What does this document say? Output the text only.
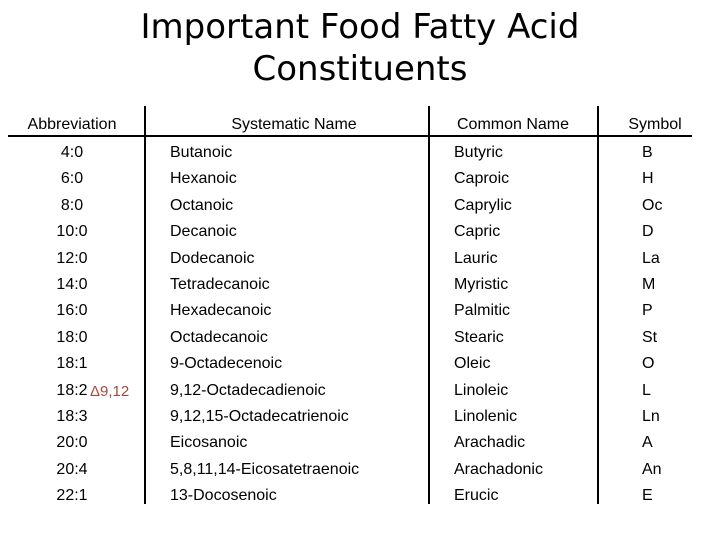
Important Food Fatty Acid
Constituents
Abbreviation	Systematic Name	Common Name	Symbol
4:0	Butanoic	Butyric	B
6:0	Hexanoic	Caproic	H
8:0	Octanoic	Caprylic	Oc
10:0	Decanoic	Capric	D
12:0	Dodecanoic	Lauric	La
14:0	Tetradecanoic	Myristic	M
16:0	Hexadecanoic	Palmitic	P
18:0	Octadecanoic	Stearic	St
18:1	9-Octadecenoic	Oleic	O
18:2	9,12-Octadecadienoic	Linoleic	L
18:3	9,12,15-Octadecatrienoic	Linolenic	Ln
20:0	Eicosanoic	Arachadic	A
20:4	5,8,11,14-Eicosatetraenoic	Arachadonic	An
22:1	13-Docosenoic	Erucic	E
Δ9,12
